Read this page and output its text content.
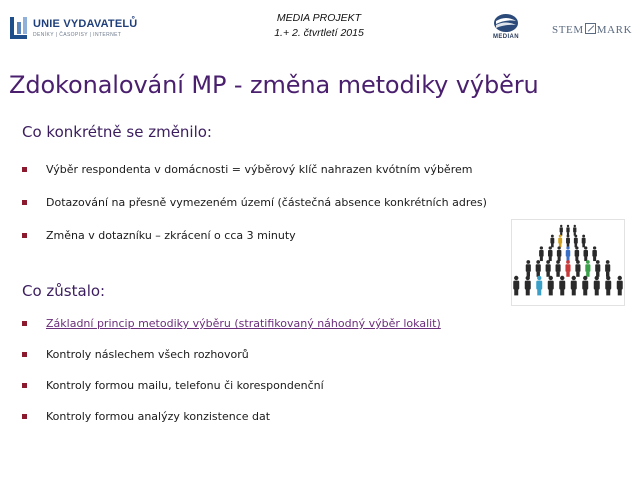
UNIE VYDAVATELŮ
DENÍKY | ČASOPISY | INTERNET
MEDIA PROJEKT
1.+ 2. čtvrtletí 2015	MEDIAN
STEM MARK
Zdokonalování MP - změna metodiky výběru
Co konkrétně se změnilo:
Výběr respondenta v domácnosti = výběrový klíč nahrazen kvótním výběrem
Dotazování na přesně vymezeném území (částečná absence konkrétních adres)
Změna v dotazníku – zkrácení o cca 3 minuty
Co zůstalo:
Základní princip metodiky výběru (stratifikovaný náhodný výběr lokalit)
Kontroly náslechem všech rozhovorů
Kontroly formou mailu, telefonu či korespondenční
Kontroly formou analýzy konzistence dat
